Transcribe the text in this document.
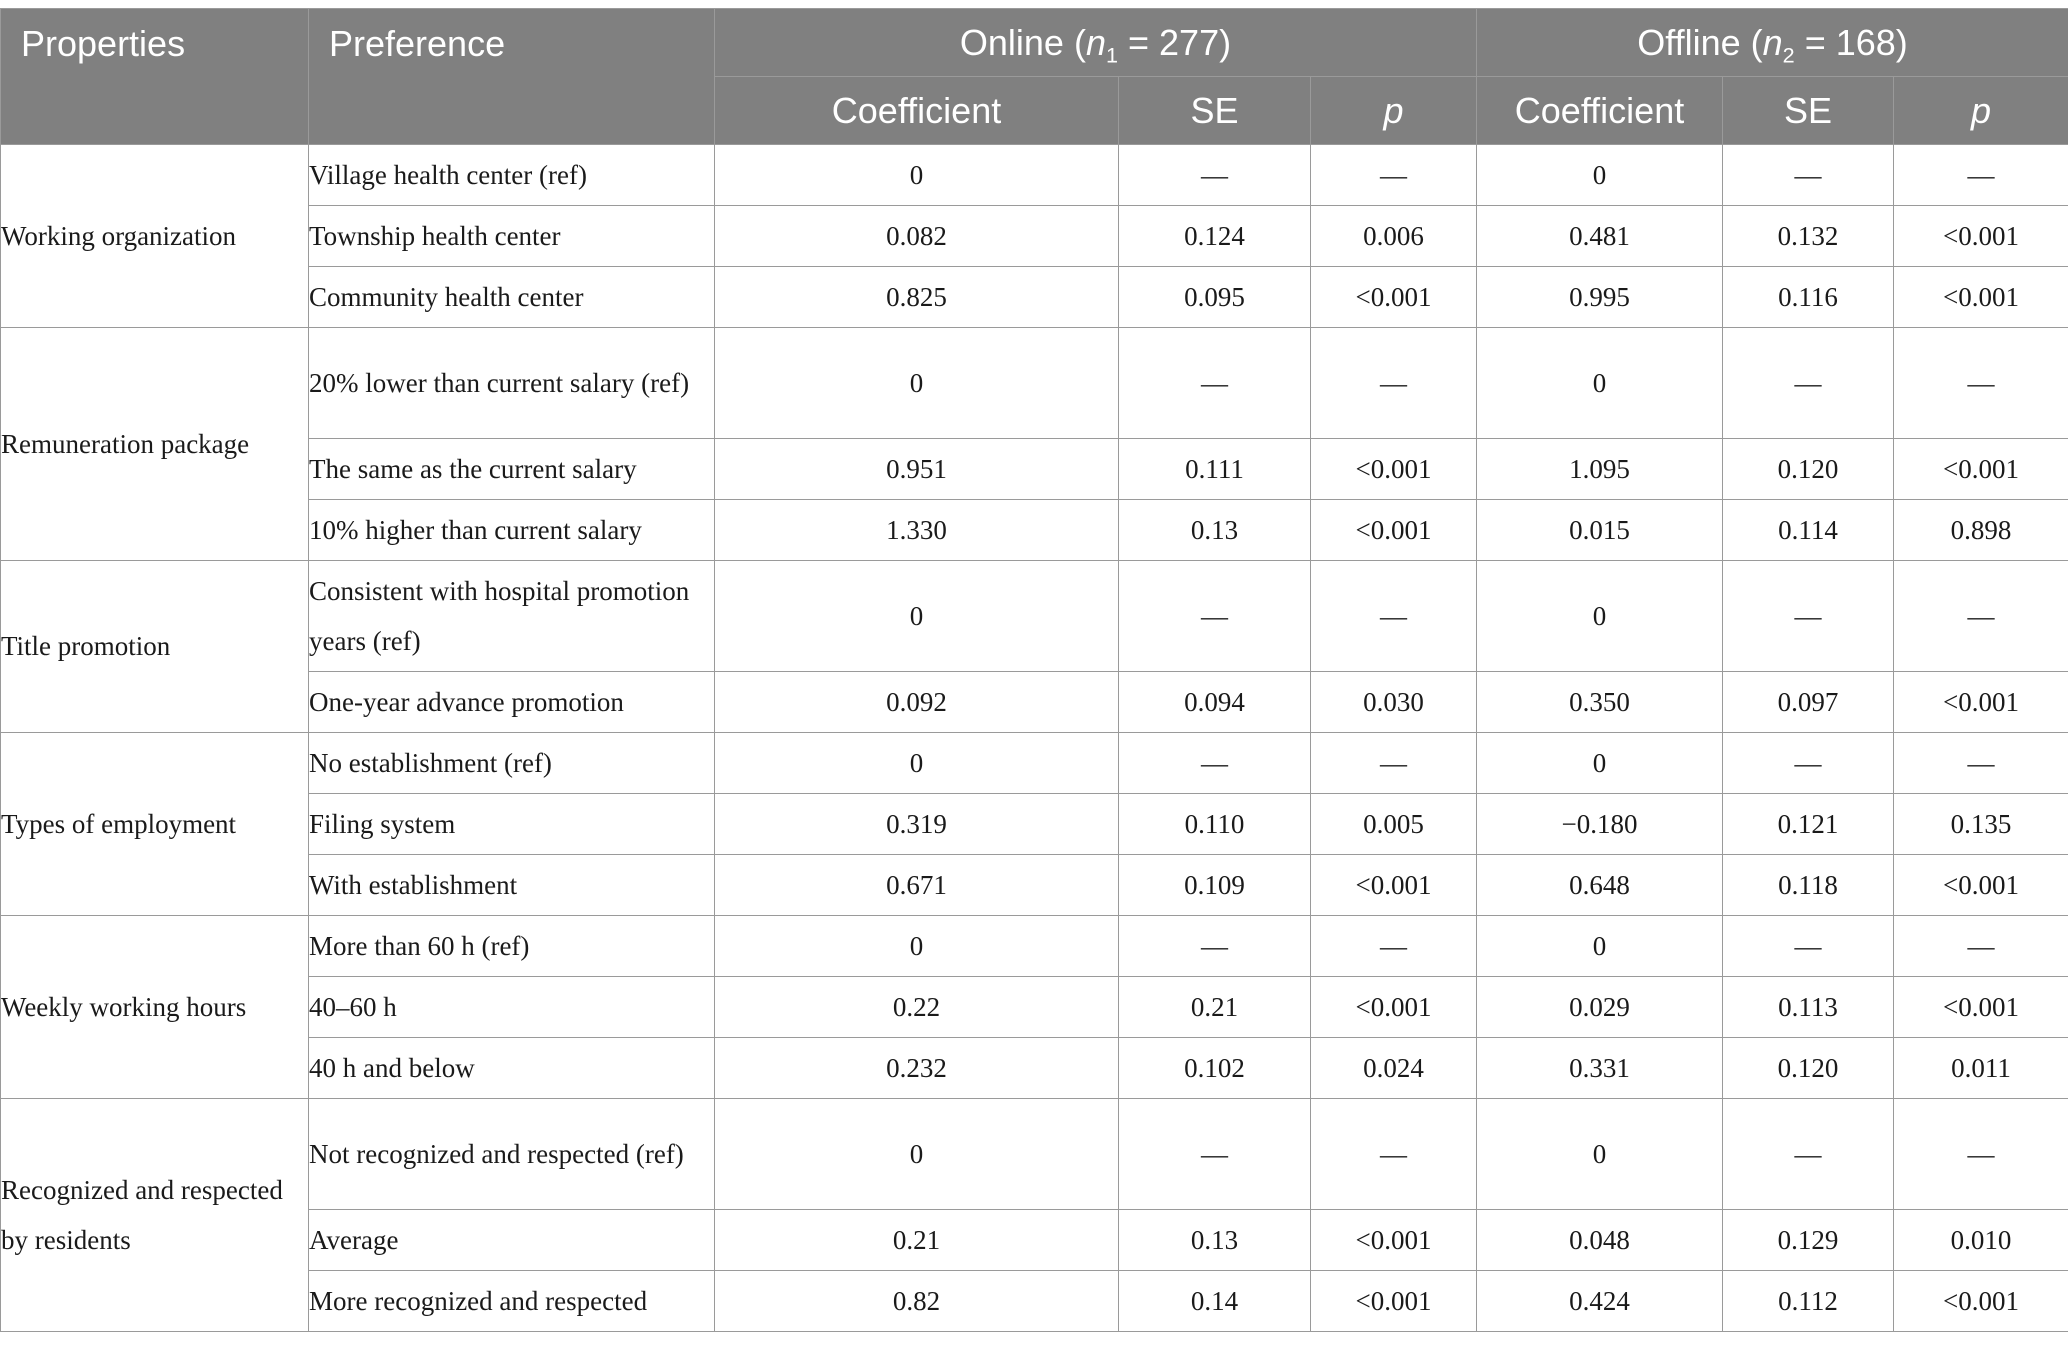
Properties	Preference	Online $(n_1 = 277)$			Offline $(n_2 = 168)$		
		Coefficient	SE	p	Coefficient	SE	p
Working organization	Village health center (ref)	0	—	—	0	—	—
	Township health center	0.082	0.124	0.006	0.481	0.132	<0.001
	Community health center	0.825	0.095	<0.001	0.995	0.116	<0.001
Remuneration package	20% lower than current salary (ref)	0	—	—	0	—	—
	The same as the current salary	0.951	0.111	<0.001	1.095	0.120	<0.001
	10% higher than current salary	1.330	0.13	<0.001	0.015	0.114	0.898
Title promotion	Consistent with hospital promotion years (ref)	0	—	—	0	—	—
	One-year advance promotion	0.092	0.094	0.030	0.350	0.097	<0.001
Types of employment	No establishment (ref)	0	—	—	0	—	—
	Filing system	0.319	0.110	0.005	−0.180	0.121	0.135
	With establishment	0.671	0.109	<0.001	0.648	0.118	<0.001
Weekly working hours	More than 60 h (ref)	0	—	—	0	—	—
	40–60 h	0.22	0.21	<0.001	0.029	0.113	<0.001
	40 h and below	0.232	0.102	0.024	0.331	0.120	0.011
Recognized and respected by residents	Not recognized and respected (ref)	0	—	—	0	—	—
	Average	0.21	0.13	<0.001	0.048	0.129	0.010
	More recognized and respected	0.82	0.14	<0.001	0.424	0.112	<0.001
